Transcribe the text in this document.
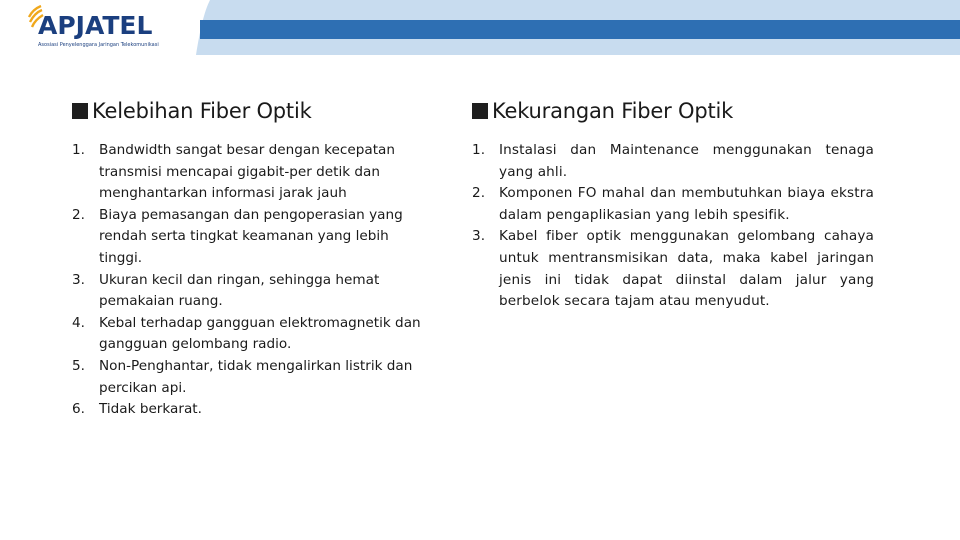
APJATEL
Asosiasi Penyelenggara Jaringan Telekomunikasi
Kelebihan Fiber Optik
1. Bandwidth sangat besar dengan kecepatan transmisi mencapai gigabit-per detik dan menghantarkan informasi jarak jauh
2. Biaya pemasangan dan pengoperasian yang rendah serta tingkat keamanan yang lebih tinggi.
3. Ukuran kecil dan ringan, sehingga hemat pemakaian ruang.
4. Kebal terhadap gangguan elektromagnetik dan gangguan gelombang radio.
5. Non-Penghantar, tidak mengalirkan listrik dan percikan api.
6. Tidak berkarat.
Kekurangan Fiber Optik
1. Instalasi dan Maintenance menggunakan tenaga yang ahli.
2. Komponen FO mahal dan membutuhkan biaya ekstra dalam pengaplikasian yang lebih spesifik.
3. Kabel fiber optik menggunakan gelombang cahaya untuk mentransmisikan data, maka kabel jaringan jenis ini tidak dapat diinstal dalam jalur yang berbelok secara tajam atau menyudut.
